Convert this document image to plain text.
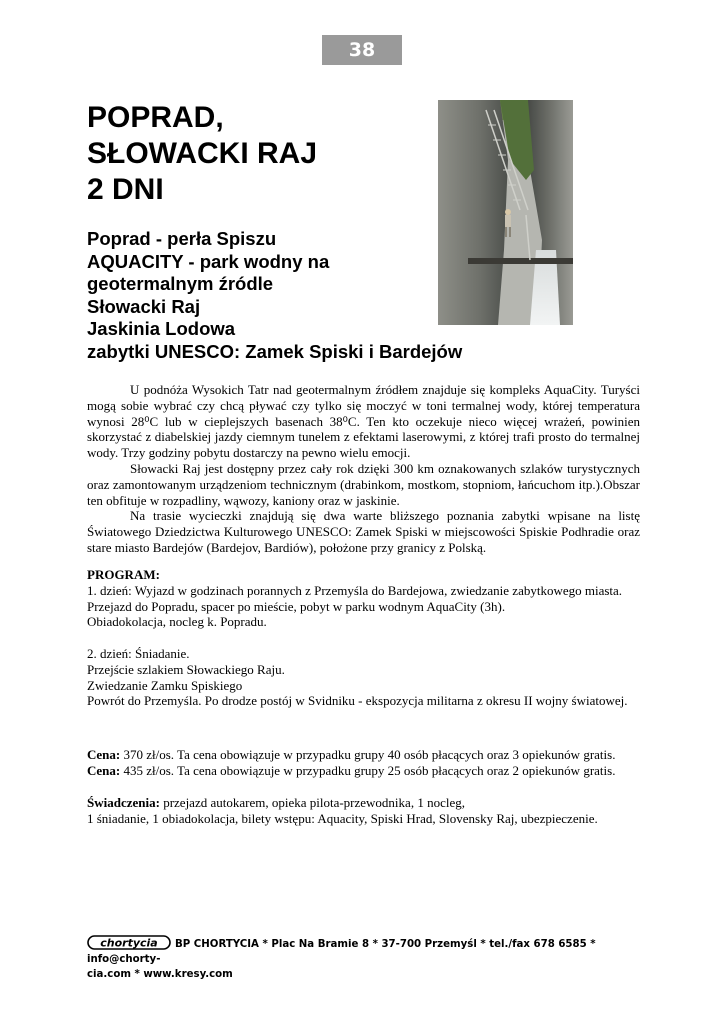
38
POPRAD,
SŁOWACKI RAJ
2 DNI
Poprad - perła Spiszu
AQUACITY - park wodny na
geotermalnym źródle
Słowacki Raj
Jaskinia Lodowa
zabytki UNESCO: Zamek Spiski i Bardejów

U podnóża Wysokich Tatr nad geotermalnym źródłem znajduje się kompleks AquaCity. Turyści mogą sobie wybrać czy chcą pływać czy tylko się moczyć w toni termalnej wody, której temperatura wynosi 28⁰C lub w cieplejszych basenach 38⁰C. Ten kto oczekuje nieco więcej wrażeń, powinien skorzystać z diabelskiej jazdy ciemnym tunelem z efektami laserowymi, z której trafi prosto do termalnej wody. Trzy godziny pobytu dostarczy na pewno wielu emocji.

Słowacki Raj jest dostępny przez cały rok dzięki 300 km oznakowanych szlaków turystycznych oraz zamontowanym urządzeniom technicznym (drabinkom, mostkom, stopniom, łańcuchom itp.).Obszar ten obfituje w rozpadliny, wąwozy, kaniony oraz w jaskinie.

Na trasie wycieczki znajdują się dwa warte bliższego poznania zabytki wpisane na listę Światowego Dziedzictwa Kulturowego UNESCO: Zamek Spiski w miejscowości Spiskie Podhradie oraz stare miasto Bardejów (Bardejov, Bardiów), położone przy granicy z Polską.

PROGRAM:
1. dzień: Wyjazd w godzinach porannych z Przemyśla do Bardejowa, zwiedzanie zabytkowego miasta.
Przejazd do Popradu, spacer po mieście, pobyt w parku wodnym AquaCity (3h).
Obiadokolacja, nocleg k. Popradu.
2. dzień: Śniadanie.
Przejście szlakiem Słowackiego Raju.
Zwiedzanie Zamku Spiskiego
Powrót do Przemyśla. Po drodze postój w Svidniku - ekspozycja militarna z okresu II wojny światowej.
Cena: 370 zł/os. Ta cena obowiązuje w przypadku grupy 40 osób płacących oraz 3 opiekunów gratis.
Cena: 435 zł/os. Ta cena obowiązuje w przypadku grupy 25 osób płacących oraz 2 opiekunów gratis.
Świadczenia: przejazd autokarem, opieka pilota-przewodnika, 1 nocleg,
1 śniadanie, 1 obiadokolacja, bilety wstępu: Aquacity, Spiski Hrad, Slovensky Raj, ubezpieczenie.
chortycia BP CHORTYCIA * Plac Na Bramie 8 * 37-700 Przemyśl * tel./fax 678 6585 * info@chorty-
cia.com * www.kresy.com
